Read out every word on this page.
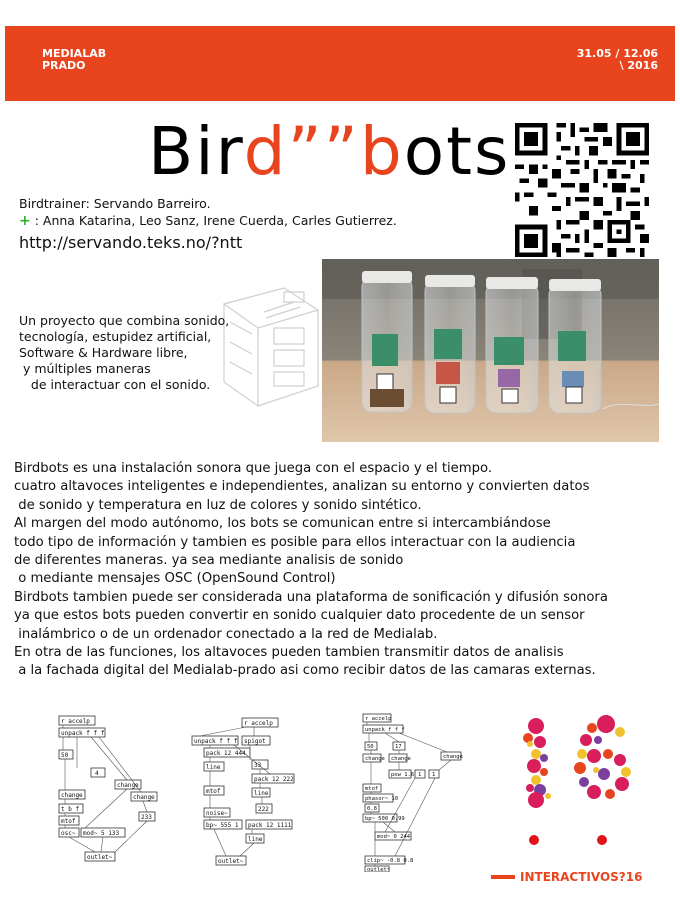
MEDIALAB
PRADO
31.05 / 12.06
\ 2016
Birdˮˮbots
Birdtrainer: Servando Barreiro.
+ : Anna Katarina, Leo Sanz, Irene Cuerda, Carles Gutierrez.
http://servando.teks.no/?ntt
Un proyecto que combina sonido,
tecnología, estupidez artificial,
Software & Hardware libre,
y múltiples maneras
de interactuar con el sonido.
Birdbots es una instalación sonora que juega con el espacio y el tiempo.
cuatro altavoces inteligentes e independientes, analizan su entorno y convierten datos
de sonido y temperatura en luz de colores y sonido sintético.
Al margen del modo autónomo, los bots se comunican entre si intercambiándose
todo tipo de información y tambien es posible para ellos interactuar con la audiencia
de diferentes maneras. ya sea mediante analisis de sonido
o mediante mensajes OSC (OpenSound Control)
Birdbots tambien puede ser considerada una plataforma de sonificación y difusión sonora
ya que estos bots pueden convertir en sonido cualquier dato procedente de un sensor
inalámbrico o de un ordenador conectado a la red de Medialab.
En otra de las funciones, los altavoces pueden tambien transmitir datos de analisis
a la fachada digital del Medialab-prado asi como recibir datos de las camaras externas.
r accelp
unpack f f f
50
4
change
change
change
t b f
mtof
233
osc~ mod~ 5 133
outlet~
r accelp
unpack f f f spigot
pack 12 444
33
line
pack 12 222
mtof	line
noise~
222
bp~ 555 1 pack 12 1111
line
outlet~
r accelp
unpack f f f
50	17
change change	change
pow 1.6 1 1
mtof
phasor~ 10
0.8
bp~ 500 0.99
mod~ 0 244
clip~ -0.8 0.8
outlet~	INTERACTIVOS?16
